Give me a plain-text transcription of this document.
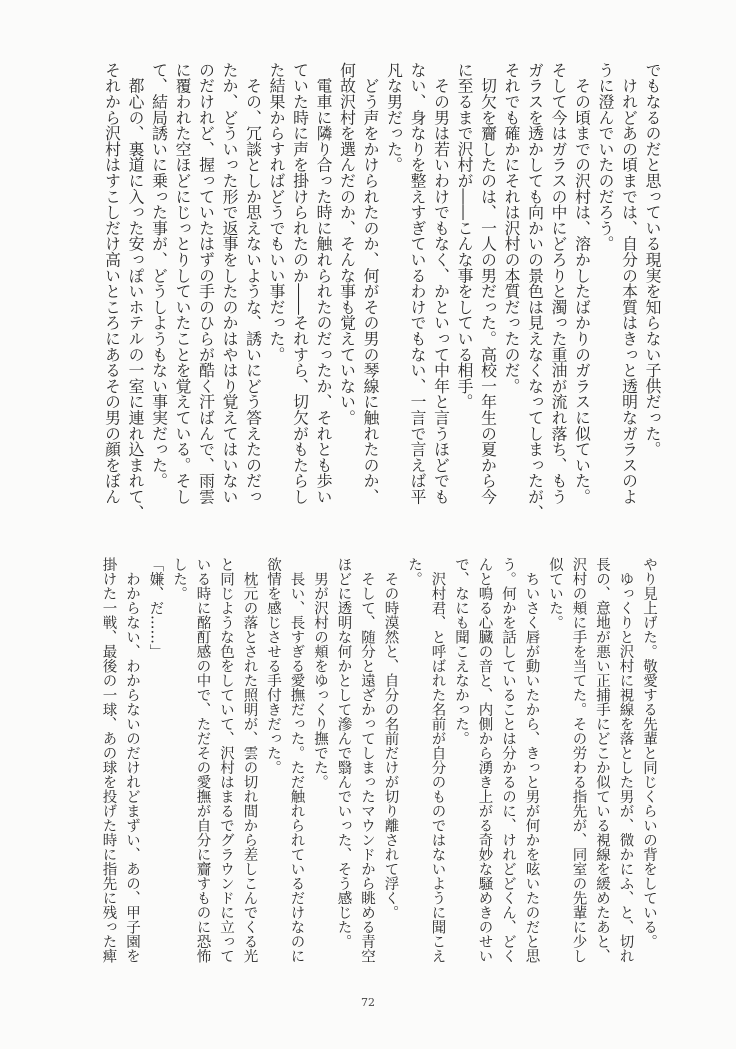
でもなるのだと思っている現実を知らない子供だった。
　けれどあの頃までは、自分の本質はきっと透明なガラスのよ
うに澄んでいたのだろう。
　その頃までの沢村は、溶かしたばかりのガラスに似ていた。
そして今はガラスの中にどろりと濁った重油が流れ落ち、もう
ガラスを透かしても向かいの景色は見えなくなってしまったが、
それでも確かにそれは沢村の本質だったのだ。
　切欠を齎したのは、一人の男だった。高校一年生の夏から今
に至るまで沢村が――こんな事をしている相手。
　その男は若いわけでもなく、かといって中年と言うほどでも
ない、身なりを整えすぎているわけでもない、一言で言えば平
凡な男だった。
　どう声をかけられたのか、何がその男の琴線に触れたのか、
何故沢村を選んだのか、そんな事も覚えていない。
　電車に隣り合った時に触れられたのだったか、それとも歩い
ていた時に声を掛けられたのか――それすら、切欠がもたらし
た結果からすればどうでもいい事だった。
　その、冗談としか思えないような、誘いにどう答えたのだっ
たか、どういった形で返事をしたのかはやはり覚えてはいない
のだけれど、握っていたはずの手のひらが酷く汗ばんで、雨雲
に覆われた空ほどにじっとりしていたことを覚えている。そし
て、結局誘いに乗った事が、どうしようもない事実だった。
　都心の、裏道に入った安っぽいホテルの一室に連れ込まれて、
それから沢村はすこしだけ高いところにあるその男の顔をぼん
やり見上げた。敬愛する先輩と同じくらいの背をしている。
　ゆっくりと沢村に視線を落とした男が、微かにふ、と、切れ
長の、意地が悪い正捕手にどこか似ている視線を緩めたあと、
沢村の頬に手を当てた。その労わる指先が、同室の先輩に少し
似ていた。
　ちいさく唇が動いたから、きっと男が何かを呟いたのだと思
う。何かを話していることは分かるのに、けれどどくん、どく
んと鳴る心臓の音と、内側から湧き上がる奇妙な騒めきのせい
で、なにも聞こえなかった。
　沢村君、と呼ばれた名前が自分のものではないように聞こえ
た。
　その時漠然と、自分の名前だけが切り離されて浮く。
　そして、随分と遠ざかってしまったマウンドから眺める青空
ほどに透明な何かとして滲んで翳んでいった、そう感じた。
　男が沢村の頬をゆっくり撫でた。
　長い、長すぎる愛撫だった。ただ触れられているだけなのに
欲情を感じさせる手付きだった。
　枕元の落とされた照明が、雲の切れ間から差しこんでくる光
と同じような色をしていて、沢村はまるでグラウンドに立って
いる時に酩酊感の中で、ただその愛撫が自分に齎すものに恐怖
した。
「嫌、だ……」
　わからない、わからないのだけれどまずい、あの、甲子園を
掛けた一戦、最後の一球、あの球を投げた時に指先に残った痺
72
